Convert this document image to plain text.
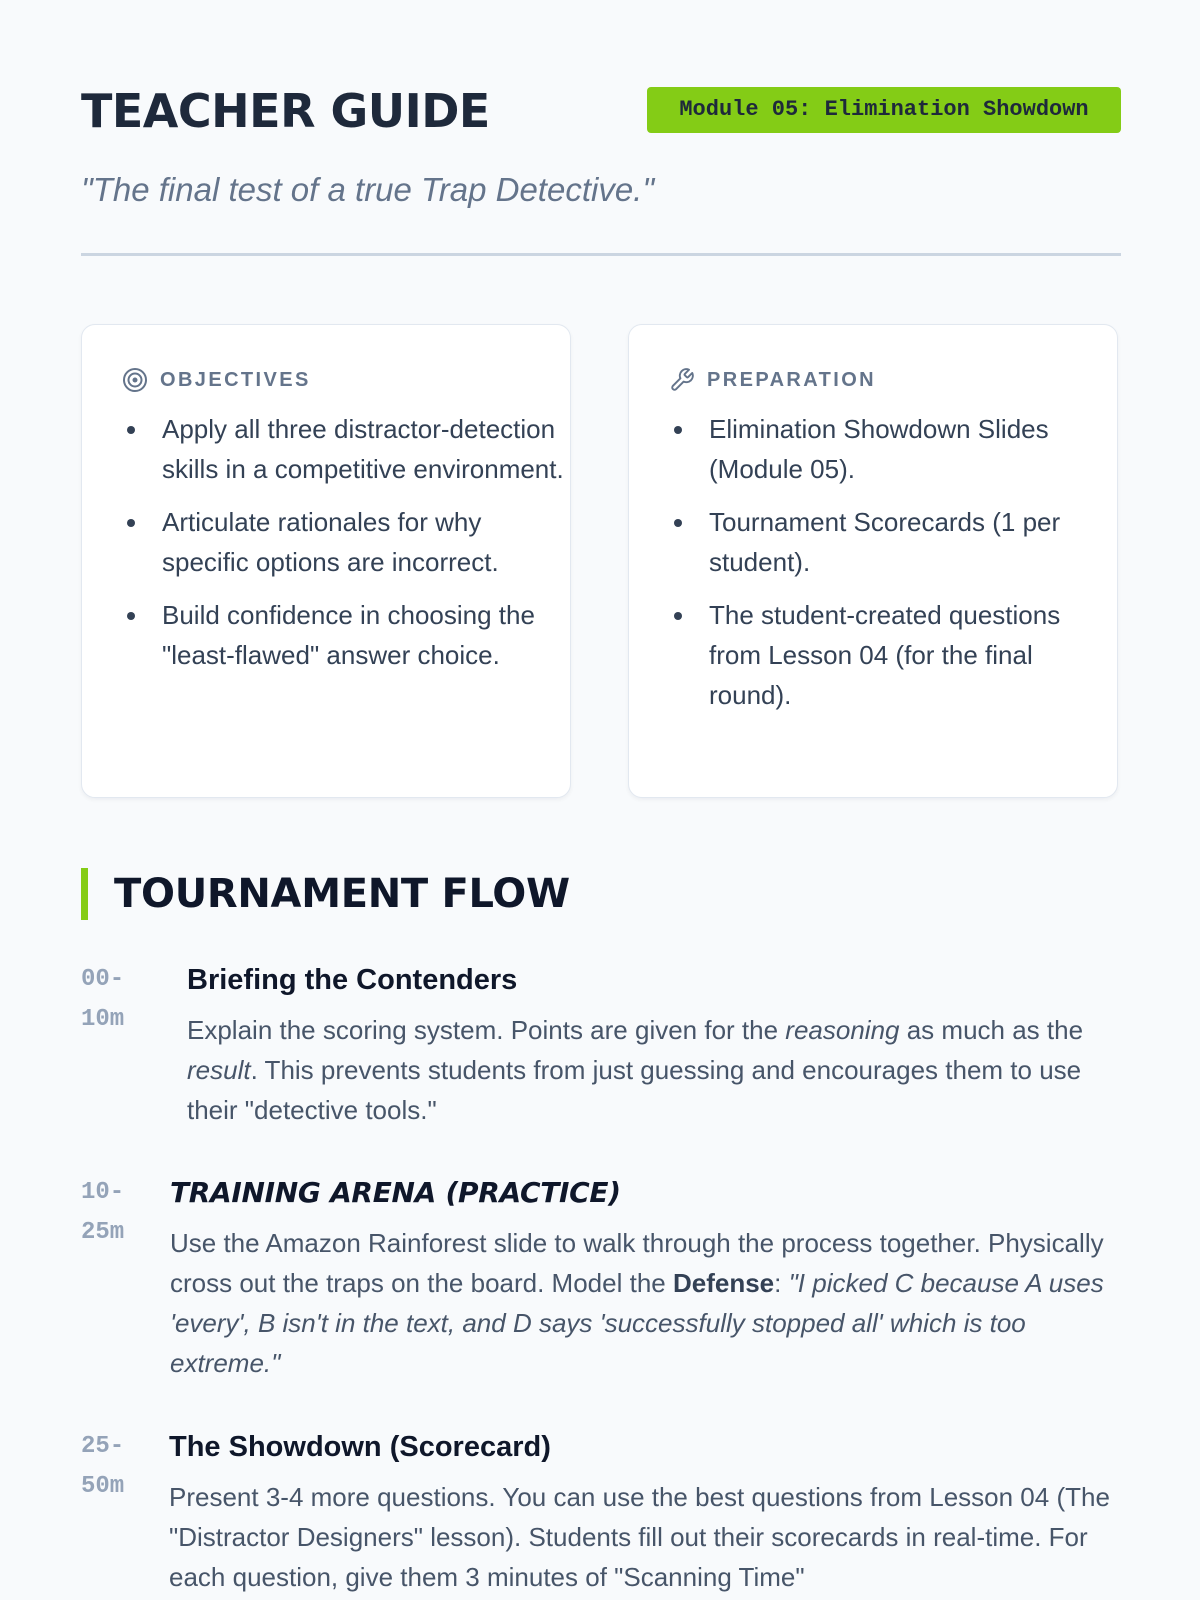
TEACHER GUIDE	Module 05: Elimination Showdown

"The final test of a true Trap Detective."

OBJECTIVES
• Apply all three distractor-detection skills in a competitive environment.
• Articulate rationales for why specific options are incorrect.
• Build confidence in choosing the "least-flawed" answer choice.
PREPARATION
• Elimination Showdown Slides (Module 05).
• Tournament Scorecards (1 per student).
• The student-created questions from Lesson 04 (for the final round).
TOURNAMENT FLOW
00-
10m
Briefing the Contenders

Explain the scoring system. Points are given for the reasoning as much as the result. This prevents students from just guessing and encourages them to use their "detective tools."

10-
25m
TRAINING ARENA (PRACTICE)

Use the Amazon Rainforest slide to walk through the process together. Physically cross out the traps on the board. Model the Defense: "I picked C because A uses 'every', B isn't in the text, and D says 'successfully stopped all' which is too extreme."

25-
50m
The Showdown (Scorecard)

Present 3-4 more questions. You can use the best questions from Lesson 04 (The "Distractor Designers" lesson). Students fill out their scorecards in real-time. For each question, give them 3 minutes of "Scanning Time"
